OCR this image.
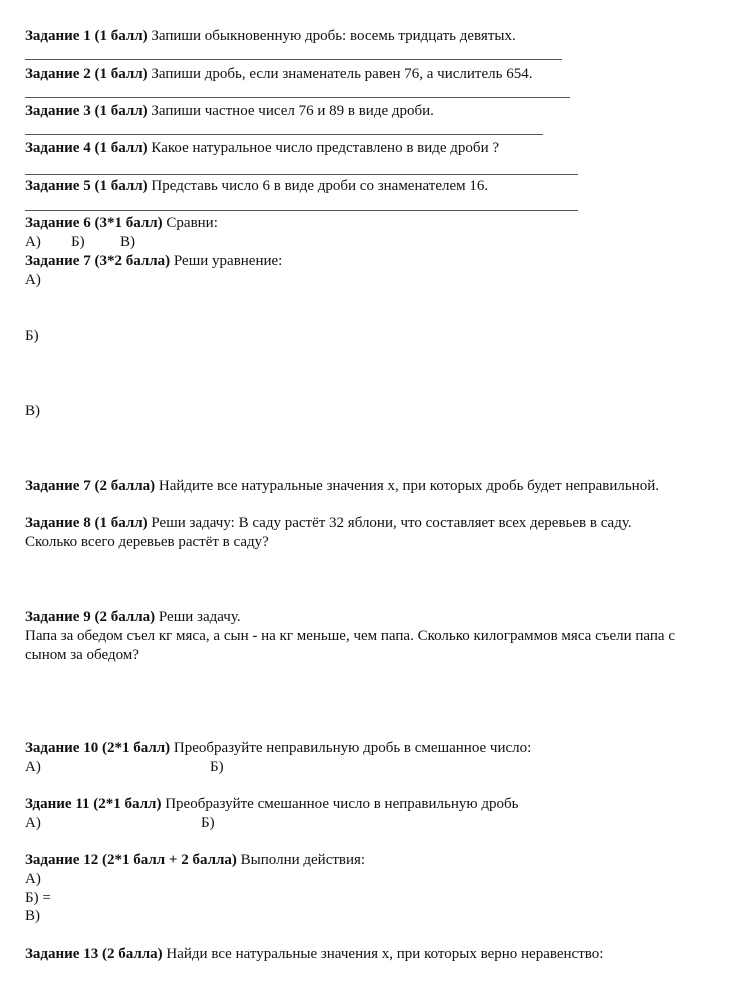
Задание 1 (1 балл) Запиши обыкновенную дробь: восемь тридцать девятых.
Задание 2 (1 балл) Запиши дробь, если знаменатель равен 76, а числитель 654.
Задание 3 (1 балл) Запиши частное чисел 76 и 89 в виде дроби.
Задание 4 (1 балл) Какое натуральное число представлено в виде дроби ?
Задание 5 (1 балл) Представь число 6 в виде дроби со знаменателем 16.
Задание 6 (3*1 балл) Сравни:
А) Б) В)
Задание 7 (3*2 балла) Реши уравнение:
А)
Б)
В)
Задание 7 (2 балла) Найдите все натуральные значения x, при которых дробь будет неправильной.
Задание 8 (1 балл) Реши задачу: В саду растёт 32 яблони, что составляет всех деревьев в саду.
Сколько всего деревьев растёт в саду?
Задание 9 (2 балла) Реши задачу.
Папа за обедом съел кг мяса, а сын - на кг меньше, чем папа. Сколько килограммов мяса съели папа с
сыном за обедом?
Задание 10 (2*1 балл) Преобразуйте неправильную дробь в смешанное число:
А)	Б)
Здание 11 (2*1 балл) Преобразуйте смешанное число в неправильную дробь
А)	Б)
Задание 12 (2*1 балл + 2 балла) Выполни действия:
А)
Б) =
В)
Задание 13 (2 балла) Найди все натуральные значения x, при которых верно неравенство:
